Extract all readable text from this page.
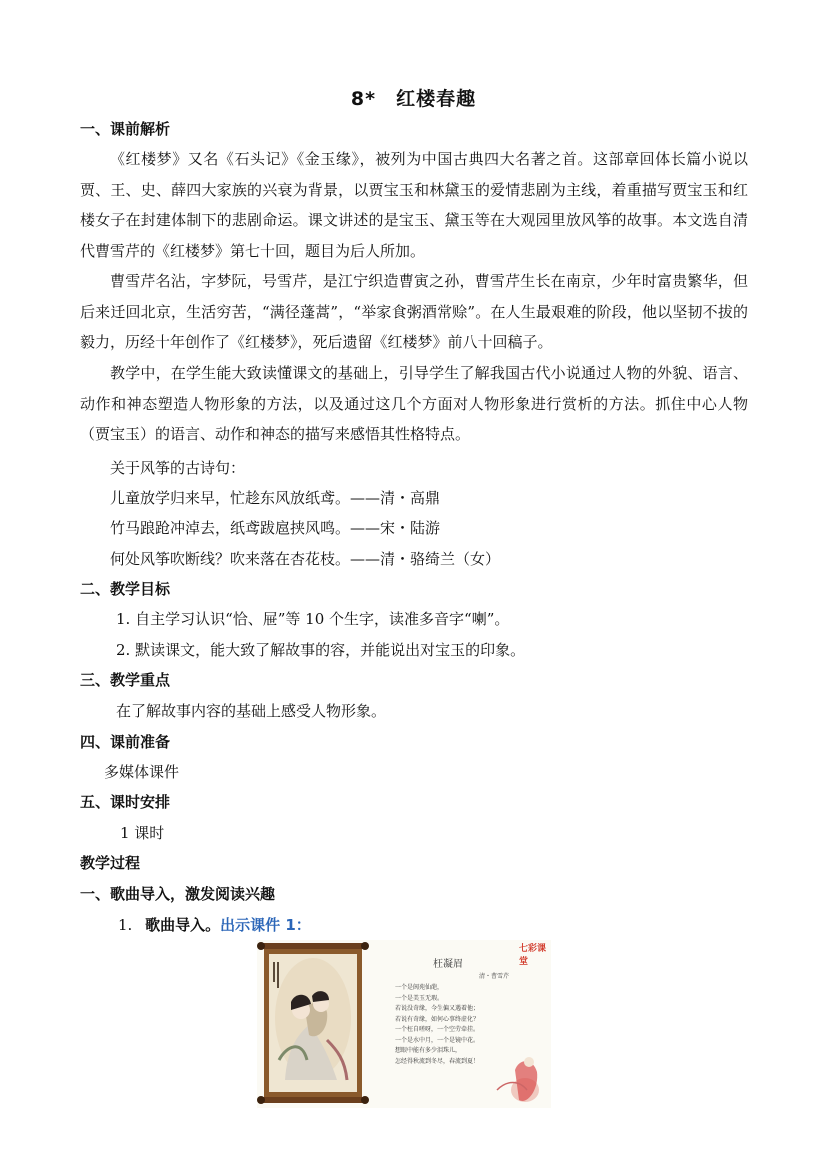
8*　红楼春趣
一、课前解析
《红楼梦》又名《石头记》《金玉缘》，被列为中国古典四大名著之首。这部章回体长篇小说以贾、王、史、薛四大家族的兴衰为背景，以贾宝玉和林黛玉的爱情悲剧为主线，着重描写贾宝玉和红楼女子在封建体制下的悲剧命运。课文讲述的是宝玉、黛玉等在大观园里放风筝的故事。本文选自清代曹雪芹的《红楼梦》第七十回，题目为后人所加。
曹雪芹名沾，字梦阮，号雪芹，是江宁织造曹寅之孙，曹雪芹生长在南京，少年时富贵繁华，但后来迁回北京，生活穷苦，“满径蓬蒿”，“举家食粥酒常赊”。在人生最艰难的阶段，他以坚韧不拔的毅力，历经十年创作了《红楼梦》，死后遗留《红楼梦》前八十回稿子。
教学中，在学生能大致读懂课文的基础上，引导学生了解我国古代小说通过人物的外貌、语言、动作和神态塑造人物形象的方法，以及通过这几个方面对人物形象进行赏析的方法。抓住中心人物（贾宝玉）的语言、动作和神态的描写来感悟其性格特点。
关于风筝的古诗句：
儿童放学归来早，忙趁东风放纸鸢。——清・高鼎
竹马踉跄冲淖去，纸鸢跋扈挟风鸣。——宋・陆游
何处风筝吹断线？吹来落在杏花枝。——清・骆绮兰（女）
二、教学目标
1. 自主学习认识“恰、屉”等 10 个生字，读准多音字“喇”。
2. 默读课文，能大致了解故事的容，并能说出对宝玉的印象。
三、教学重点
在了解故事内容的基础上感受人物形象。
四、课前准备
多媒体课件
五、课时安排
1 课时
教学过程
一、歌曲导入，激发阅读兴趣
1. 歌曲导入。出示课件 1：
七彩课堂
枉凝眉
清・曹雪芹
一个是阆苑仙葩，
一个是美玉无瑕。
若说没奇缘，今生偏又遇着他；
若说有奇缘，如何心事终虚化？
一个枉自嗟呀，一个空劳牵挂。
一个是水中月，一个是镜中花。
想眼中能有多少泪珠儿，
怎经得秋流到冬尽，春流到夏！
